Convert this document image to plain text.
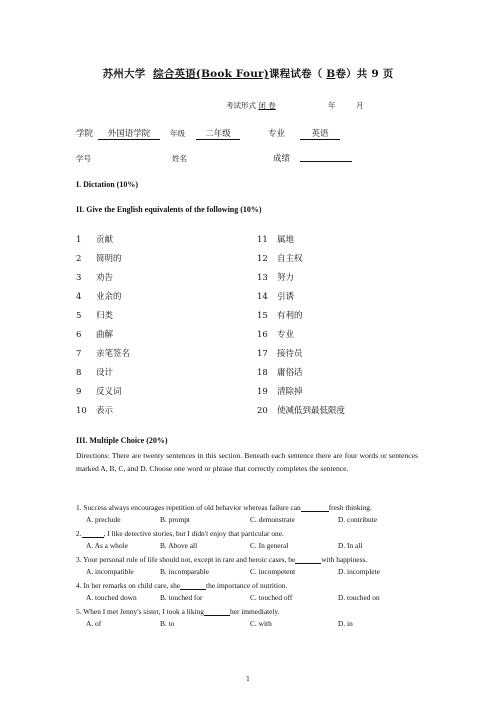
苏州大学 综合英语(Book Four)课程试卷（ B卷）共 9 页
考试形式 闭 卷	年	月
学院	外国语学院	年级	二年级	专业	英语
学号	姓名	成绩
I. Dictation (10%)
II. Give the English equivalents of the following (10%)
1 贡献
2 简明的
3 劝告
4 业余的
5 归类
6 曲解
7 亲笔签名
8 设计
9 反义词
10 表示
11 属地
12 自主权
13 努力
14 引诱
15 有利的
16 专业
17 接待员
18 庸俗话
19 清除掉
20 使减低到最低限度
III. Multiple Choice (20%)
Directions: There are twenty sentences in this section. Beneath each sentence there are four words or sentences marked A, B, C, and D. Choose one word or phrase that correctly completes the sentence.
1. Success always encourages repetition of old behavior whereas failure can	fresh thinking.
A. preclude	B. prompt	C. demonstrate	D. contribute
2.	, I like detective stories, but I didn't enjoy that particular one.
A. As a whole	B. Above all	C. In general	D. In all
3. Your personal rule of life should not, except in rare and heroic cases, be	with happiness.
A. incompatible	B. incomparable	C. incompetent	D. incomplete
4. In her remarks on child care, she	the importance of nutrition.
A. touched down	B. touched for	C. touched off	D. touched on
5. When I met Jenny's sister, I took a liking	her immediately.
A. of	B. to	C. with	D. in
1
